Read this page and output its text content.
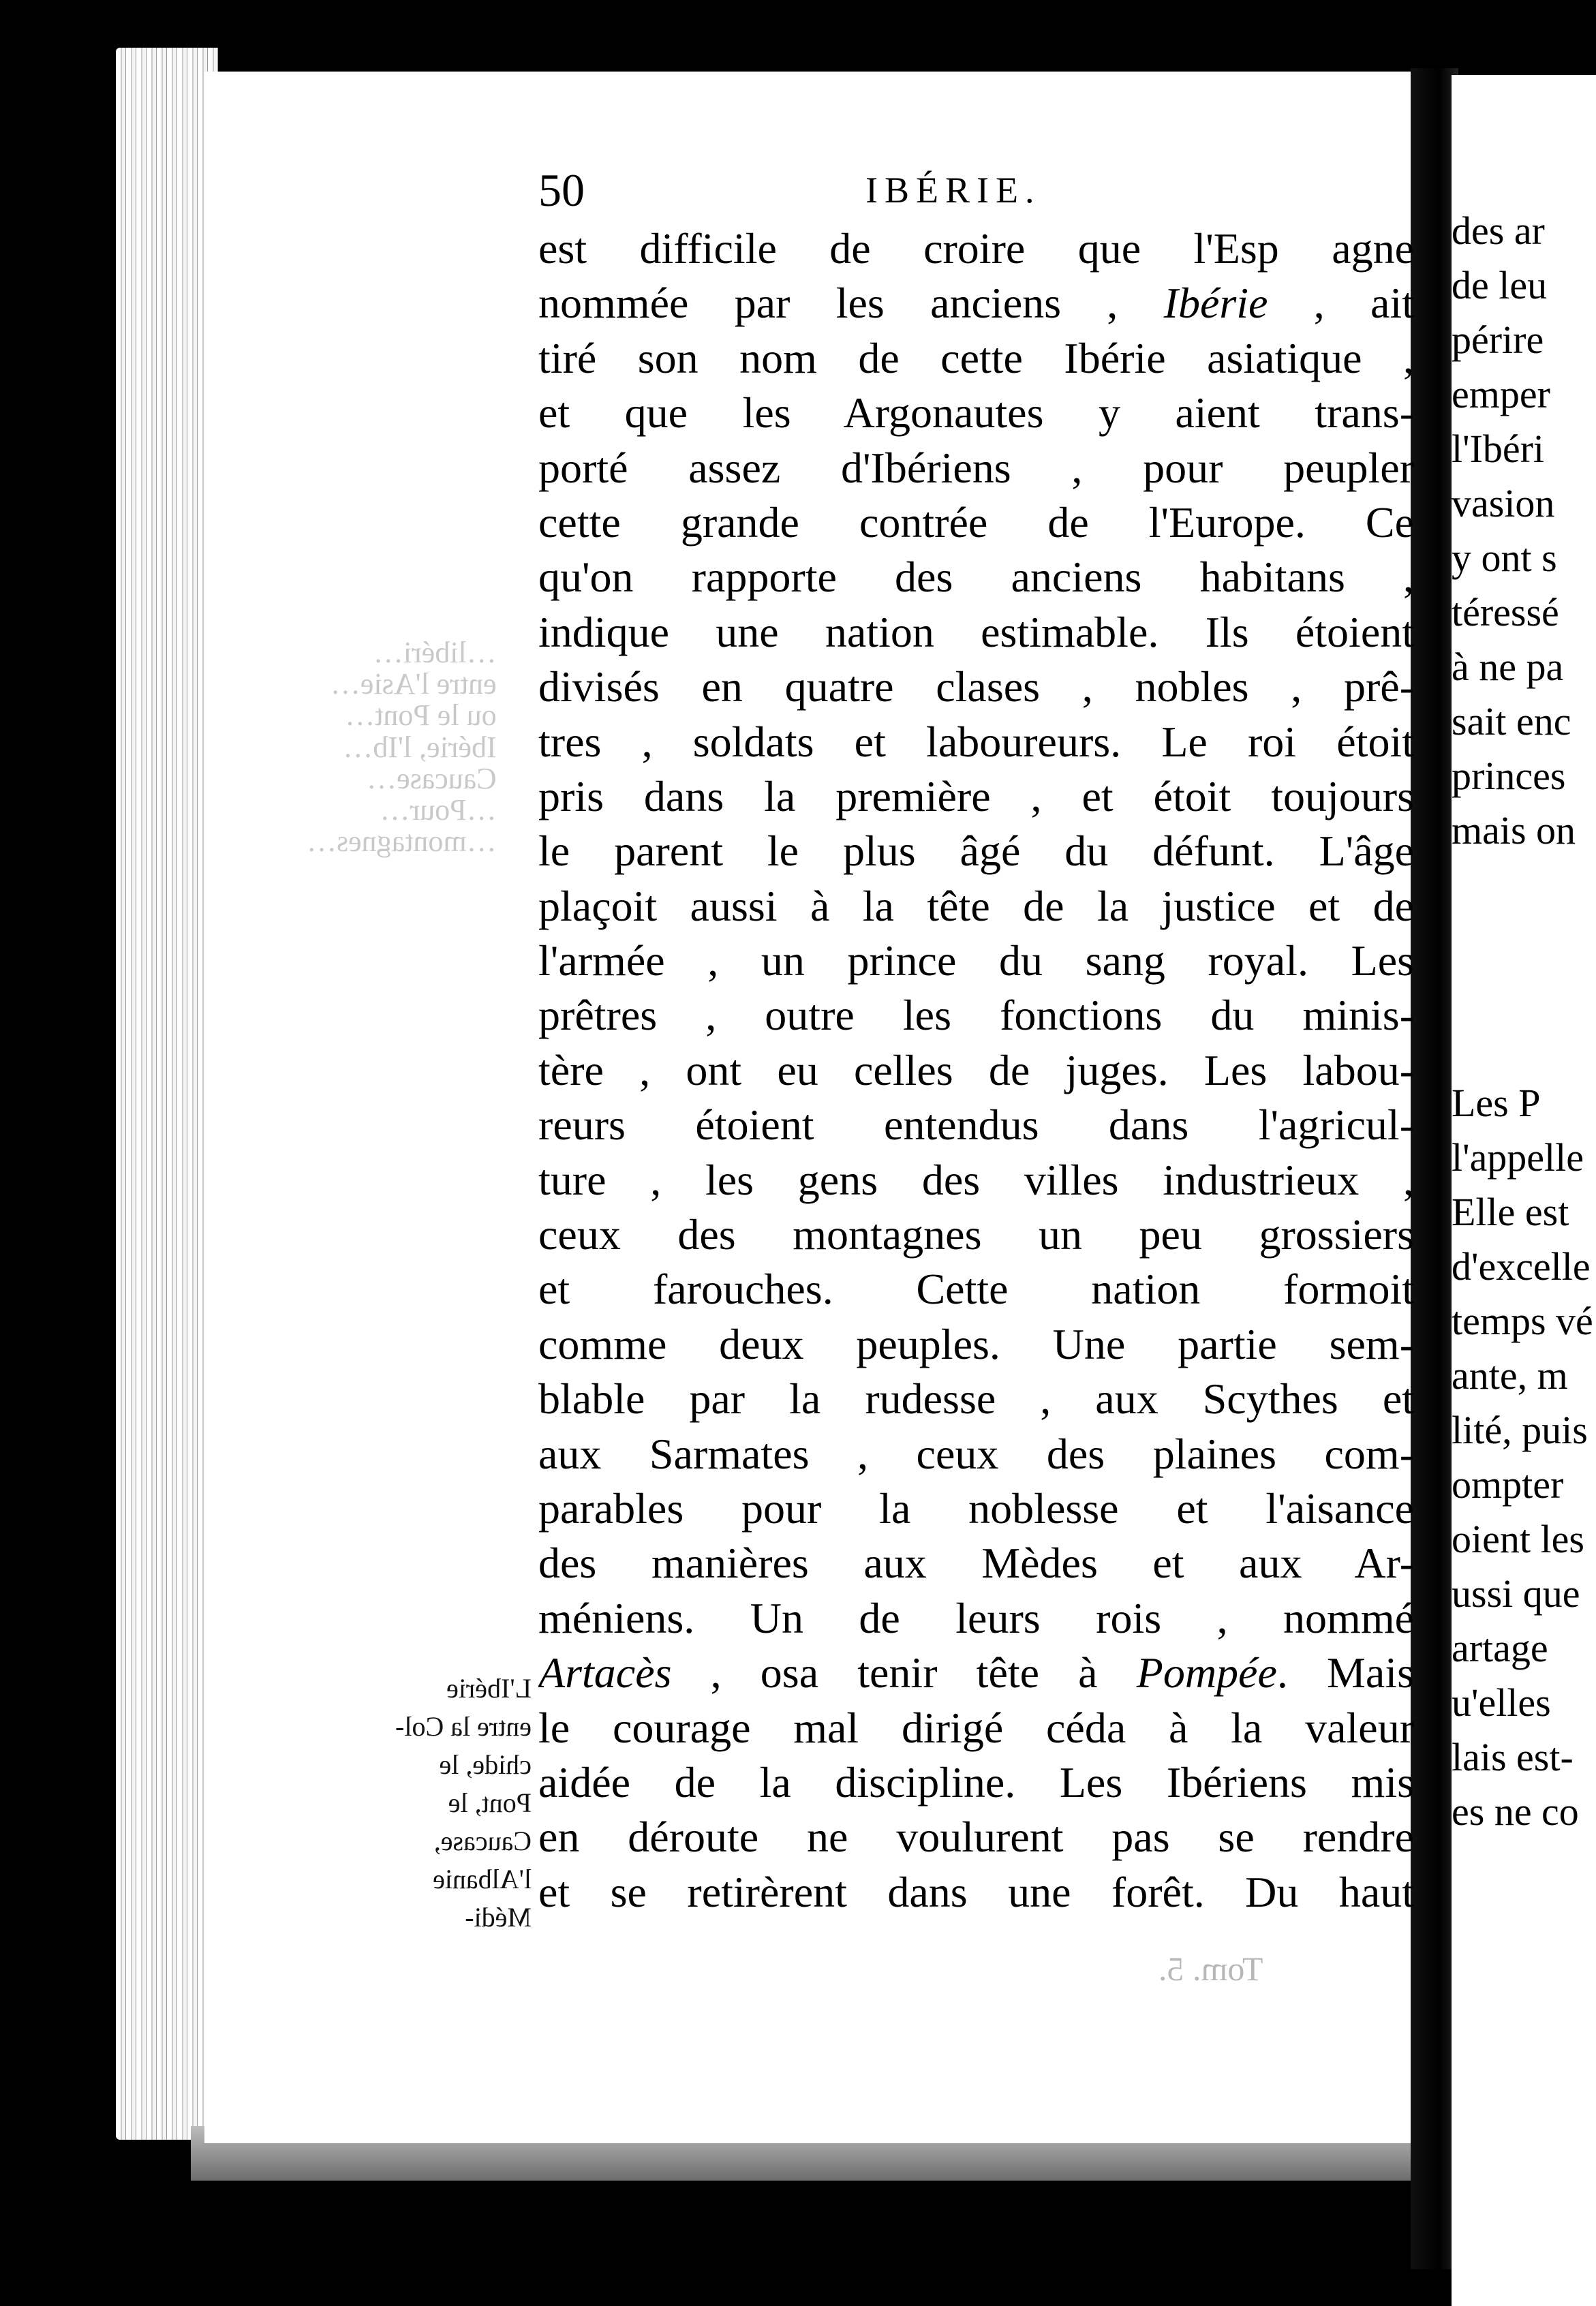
…libéri…
entre l'Asie…
ou le Pont…
Ibérie, l'Ib…
Caucase…
…Pour…
…montagnes…
des ar
de leu
périre
emper
l'Ibéri
vasion
y ont s
téressé
à ne pa
sait enc
princes
mais on
Les P
l'appelle
Elle est
d'excelle
temps vé
ante, m
lité, puis
ompter
oient les
ussi que
artage
u'elles
lais est-
es ne co
50	IBÉRIE.
est difficile de croire que l'Esp agne
nommée par les anciens , Ibérie , ait
tiré son nom de cette Ibérie asiatique ,
et que les Argonautes y aient trans-
porté assez d'Ibériens , pour peupler
cette grande contrée de l'Europe. Ce
qu'on rapporte des anciens habitans ,
indique une nation estimable. Ils étoient
divisés en quatre clases , nobles , prê-
tres , soldats et laboureurs. Le roi étoit
pris dans la première , et étoit toujours
le parent le plus âgé du défunt. L'âge
plaçoit aussi à la tête de la justice et de
l'armée , un prince du sang royal. Les
prêtres , outre les fonctions du minis-
tère , ont eu celles de juges. Les labou-
reurs étoient entendus dans l'agricul-
ture , les gens des villes industrieux ,
ceux des montagnes un peu grossiers
et farouches. Cette nation formoit
comme deux peuples. Une partie sem-
blable par la rudesse , aux Scythes et
aux Sarmates , ceux des plaines com-
parables pour la noblesse et l'aisance
des manières aux Mèdes et aux Ar-
méniens. Un de leurs rois , nommé
Artacès , osa tenir tête à Pompée. Mais
le courage mal dirigé céda à la valeur
aidée de la discipline. Les Ibériens mis
en déroute ne voulurent pas se rendre
et se retirèrent dans une forêt. Du haut
L'Ibérie
entre la Col-
chide, le
Pont, le
Caucase,
l'Albanie
Médi-
Tom. 5.
